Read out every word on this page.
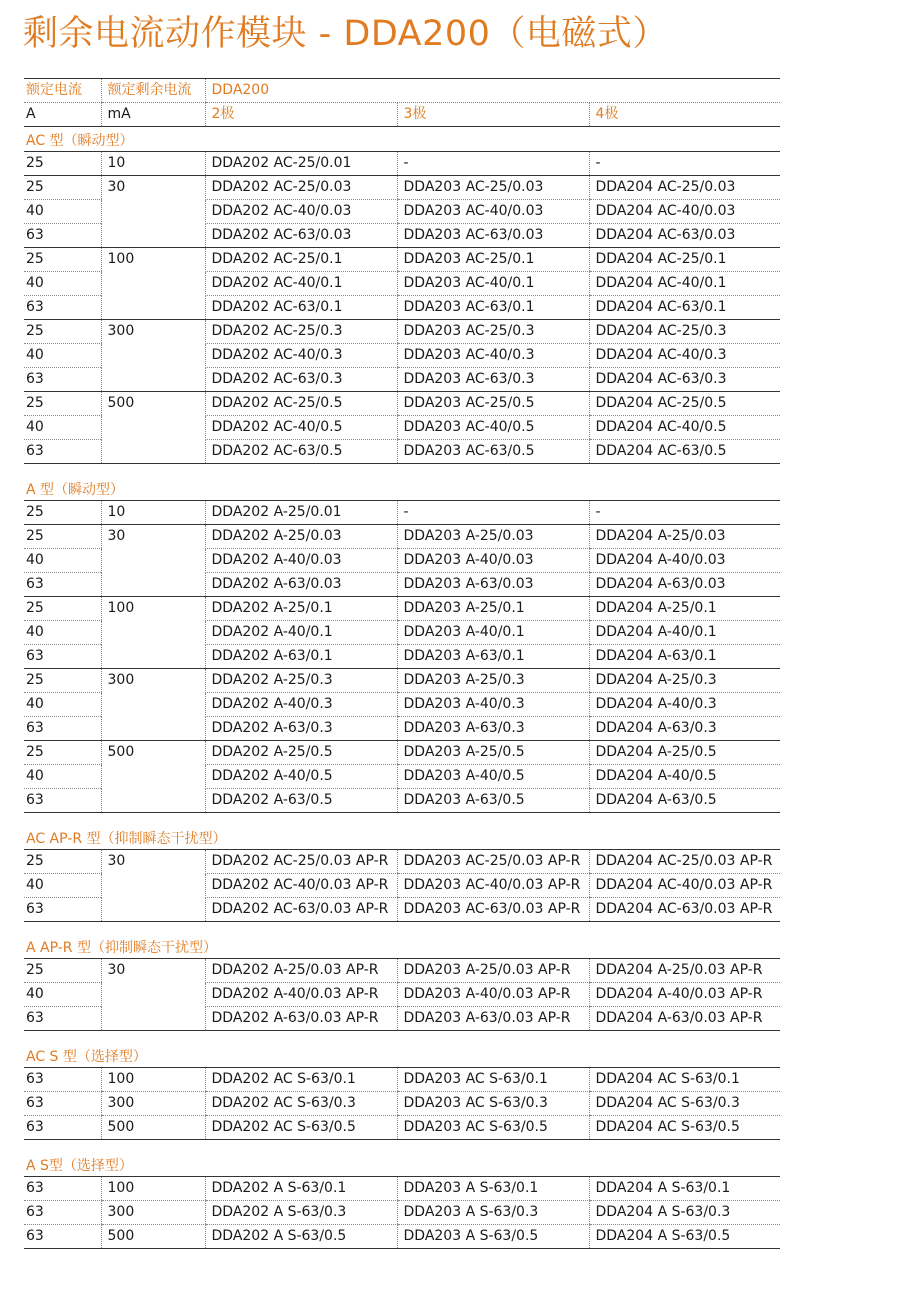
剩余电流动作模块 - DDA200（电磁式）
额定电流	额定剩余电流	DDA200		
A	mA	2极	3极	4极
AC 型（瞬动型）				
25	10	DDA202 AC-25/0.01	-	-
25	30	DDA202 AC-25/0.03	DDA203 AC-25/0.03	DDA204 AC-25/0.03
40		DDA202 AC-40/0.03	DDA203 AC-40/0.03	DDA204 AC-40/0.03
63		DDA202 AC-63/0.03	DDA203 AC-63/0.03	DDA204 AC-63/0.03
25	100	DDA202 AC-25/0.1	DDA203 AC-25/0.1	DDA204 AC-25/0.1
40		DDA202 AC-40/0.1	DDA203 AC-40/0.1	DDA204 AC-40/0.1
63		DDA202 AC-63/0.1	DDA203 AC-63/0.1	DDA204 AC-63/0.1
25	300	DDA202 AC-25/0.3	DDA203 AC-25/0.3	DDA204 AC-25/0.3
40		DDA202 AC-40/0.3	DDA203 AC-40/0.3	DDA204 AC-40/0.3
63		DDA202 AC-63/0.3	DDA203 AC-63/0.3	DDA204 AC-63/0.3
25	500	DDA202 AC-25/0.5	DDA203 AC-25/0.5	DDA204 AC-25/0.5
40		DDA202 AC-40/0.5	DDA203 AC-40/0.5	DDA204 AC-40/0.5
63		DDA202 AC-63/0.5	DDA203 AC-63/0.5	DDA204 AC-63/0.5
A 型（瞬动型）				
25	10	DDA202 A-25/0.01	-	-
25	30	DDA202 A-25/0.03	DDA203 A-25/0.03	DDA204 A-25/0.03
40		DDA202 A-40/0.03	DDA203 A-40/0.03	DDA204 A-40/0.03
63		DDA202 A-63/0.03	DDA203 A-63/0.03	DDA204 A-63/0.03
25	100	DDA202 A-25/0.1	DDA203 A-25/0.1	DDA204 A-25/0.1
40		DDA202 A-40/0.1	DDA203 A-40/0.1	DDA204 A-40/0.1
63		DDA202 A-63/0.1	DDA203 A-63/0.1	DDA204 A-63/0.1
25	300	DDA202 A-25/0.3	DDA203 A-25/0.3	DDA204 A-25/0.3
40		DDA202 A-40/0.3	DDA203 A-40/0.3	DDA204 A-40/0.3
63		DDA202 A-63/0.3	DDA203 A-63/0.3	DDA204 A-63/0.3
25	500	DDA202 A-25/0.5	DDA203 A-25/0.5	DDA204 A-25/0.5
40		DDA202 A-40/0.5	DDA203 A-40/0.5	DDA204 A-40/0.5
63		DDA202 A-63/0.5	DDA203 A-63/0.5	DDA204 A-63/0.5
AC AP-R 型（抑制瞬态干扰型）				
25	30	DDA202 AC-25/0.03 AP-R	DDA203 AC-25/0.03 AP-R	DDA204 AC-25/0.03 AP-R
40		DDA202 AC-40/0.03 AP-R	DDA203 AC-40/0.03 AP-R	DDA204 AC-40/0.03 AP-R
63		DDA202 AC-63/0.03 AP-R	DDA203 AC-63/0.03 AP-R	DDA204 AC-63/0.03 AP-R
A AP-R 型（抑制瞬态干扰型）				
25	30	DDA202 A-25/0.03 AP-R	DDA203 A-25/0.03 AP-R	DDA204 A-25/0.03 AP-R
40		DDA202 A-40/0.03 AP-R	DDA203 A-40/0.03 AP-R	DDA204 A-40/0.03 AP-R
63		DDA202 A-63/0.03 AP-R	DDA203 A-63/0.03 AP-R	DDA204 A-63/0.03 AP-R
AC S 型（选择型）				
63	100	DDA202 AC S-63/0.1	DDA203 AC S-63/0.1	DDA204 AC S-63/0.1
63	300	DDA202 AC S-63/0.3	DDA203 AC S-63/0.3	DDA204 AC S-63/0.3
63	500	DDA202 AC S-63/0.5	DDA203 AC S-63/0.5	DDA204 AC S-63/0.5
A S型（选择型）				
63	100	DDA202 A S-63/0.1	DDA203 A S-63/0.1	DDA204 A S-63/0.1
63	300	DDA202 A S-63/0.3	DDA203 A S-63/0.3	DDA204 A S-63/0.3
63	500	DDA202 A S-63/0.5	DDA203 A S-63/0.5	DDA204 A S-63/0.5
